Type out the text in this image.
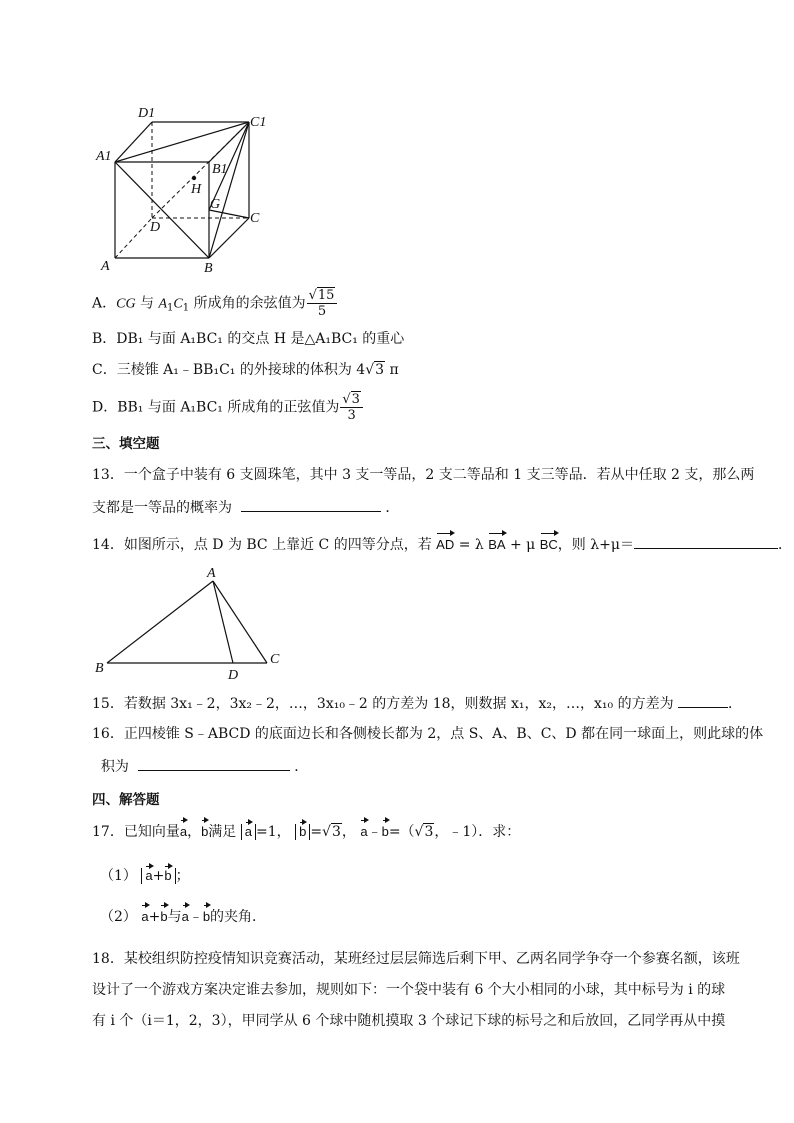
D1
C1
A1
B1
H
G
C
D
A	B
A．CG 与 $A_1C_1$ 所成角的余弦值为 $\frac{√15}{5}$
B．DB₁ 与面 A₁BC₁ 的交点 H 是△A₁BC₁ 的重心
C．三棱锥 A₁﹣BB₁C₁ 的外接球的体积为 4√3 π
D．BB₁ 与面 A₁BC₁ 所成角的正弦值为 $\frac{√3}{3}$
三、填空题
13．一个盒子中装有 6 支圆珠笔，其中 3 支一等品，2 支二等品和 1 支三等品．若从中任取 2 支，那么两
支都是一等品的概率为	．
14．如图所示，点 D 为 BC 上靠近 C 的四等分点，若 AD = λ BA + μ BC，则 λ+μ＝	．
A
B	D
C
15．若数据 3x₁﹣2，3x₂﹣2，…，3x₁₀﹣2 的方差为 18，则数据 x₁，x₂，…，x₁₀ 的方差为	．
16．正四棱锥 S﹣ABCD 的底面边长和各侧棱长都为 2，点 S、A、B、C、D 都在同一球面上，则此球的体
积为	．
四、解答题
17．已知向量a，b满足 a =1， b =√3， a﹣b=（√3，﹣1）．求：
（1） a+b ；
（2） a+b与a﹣b的夹角．
18．某校组织防控疫情知识竞赛活动，某班经过层层筛选后剩下甲、乙两名同学争夺一个参赛名额，该班
设计了一个游戏方案决定谁去参加，规则如下：一个袋中装有 6 个大小相同的小球，其中标号为 i 的球
有 i 个（i＝1，2，3），甲同学从 6 个球中随机摸取 3 个球记下球的标号之和后放回，乙同学再从中摸
